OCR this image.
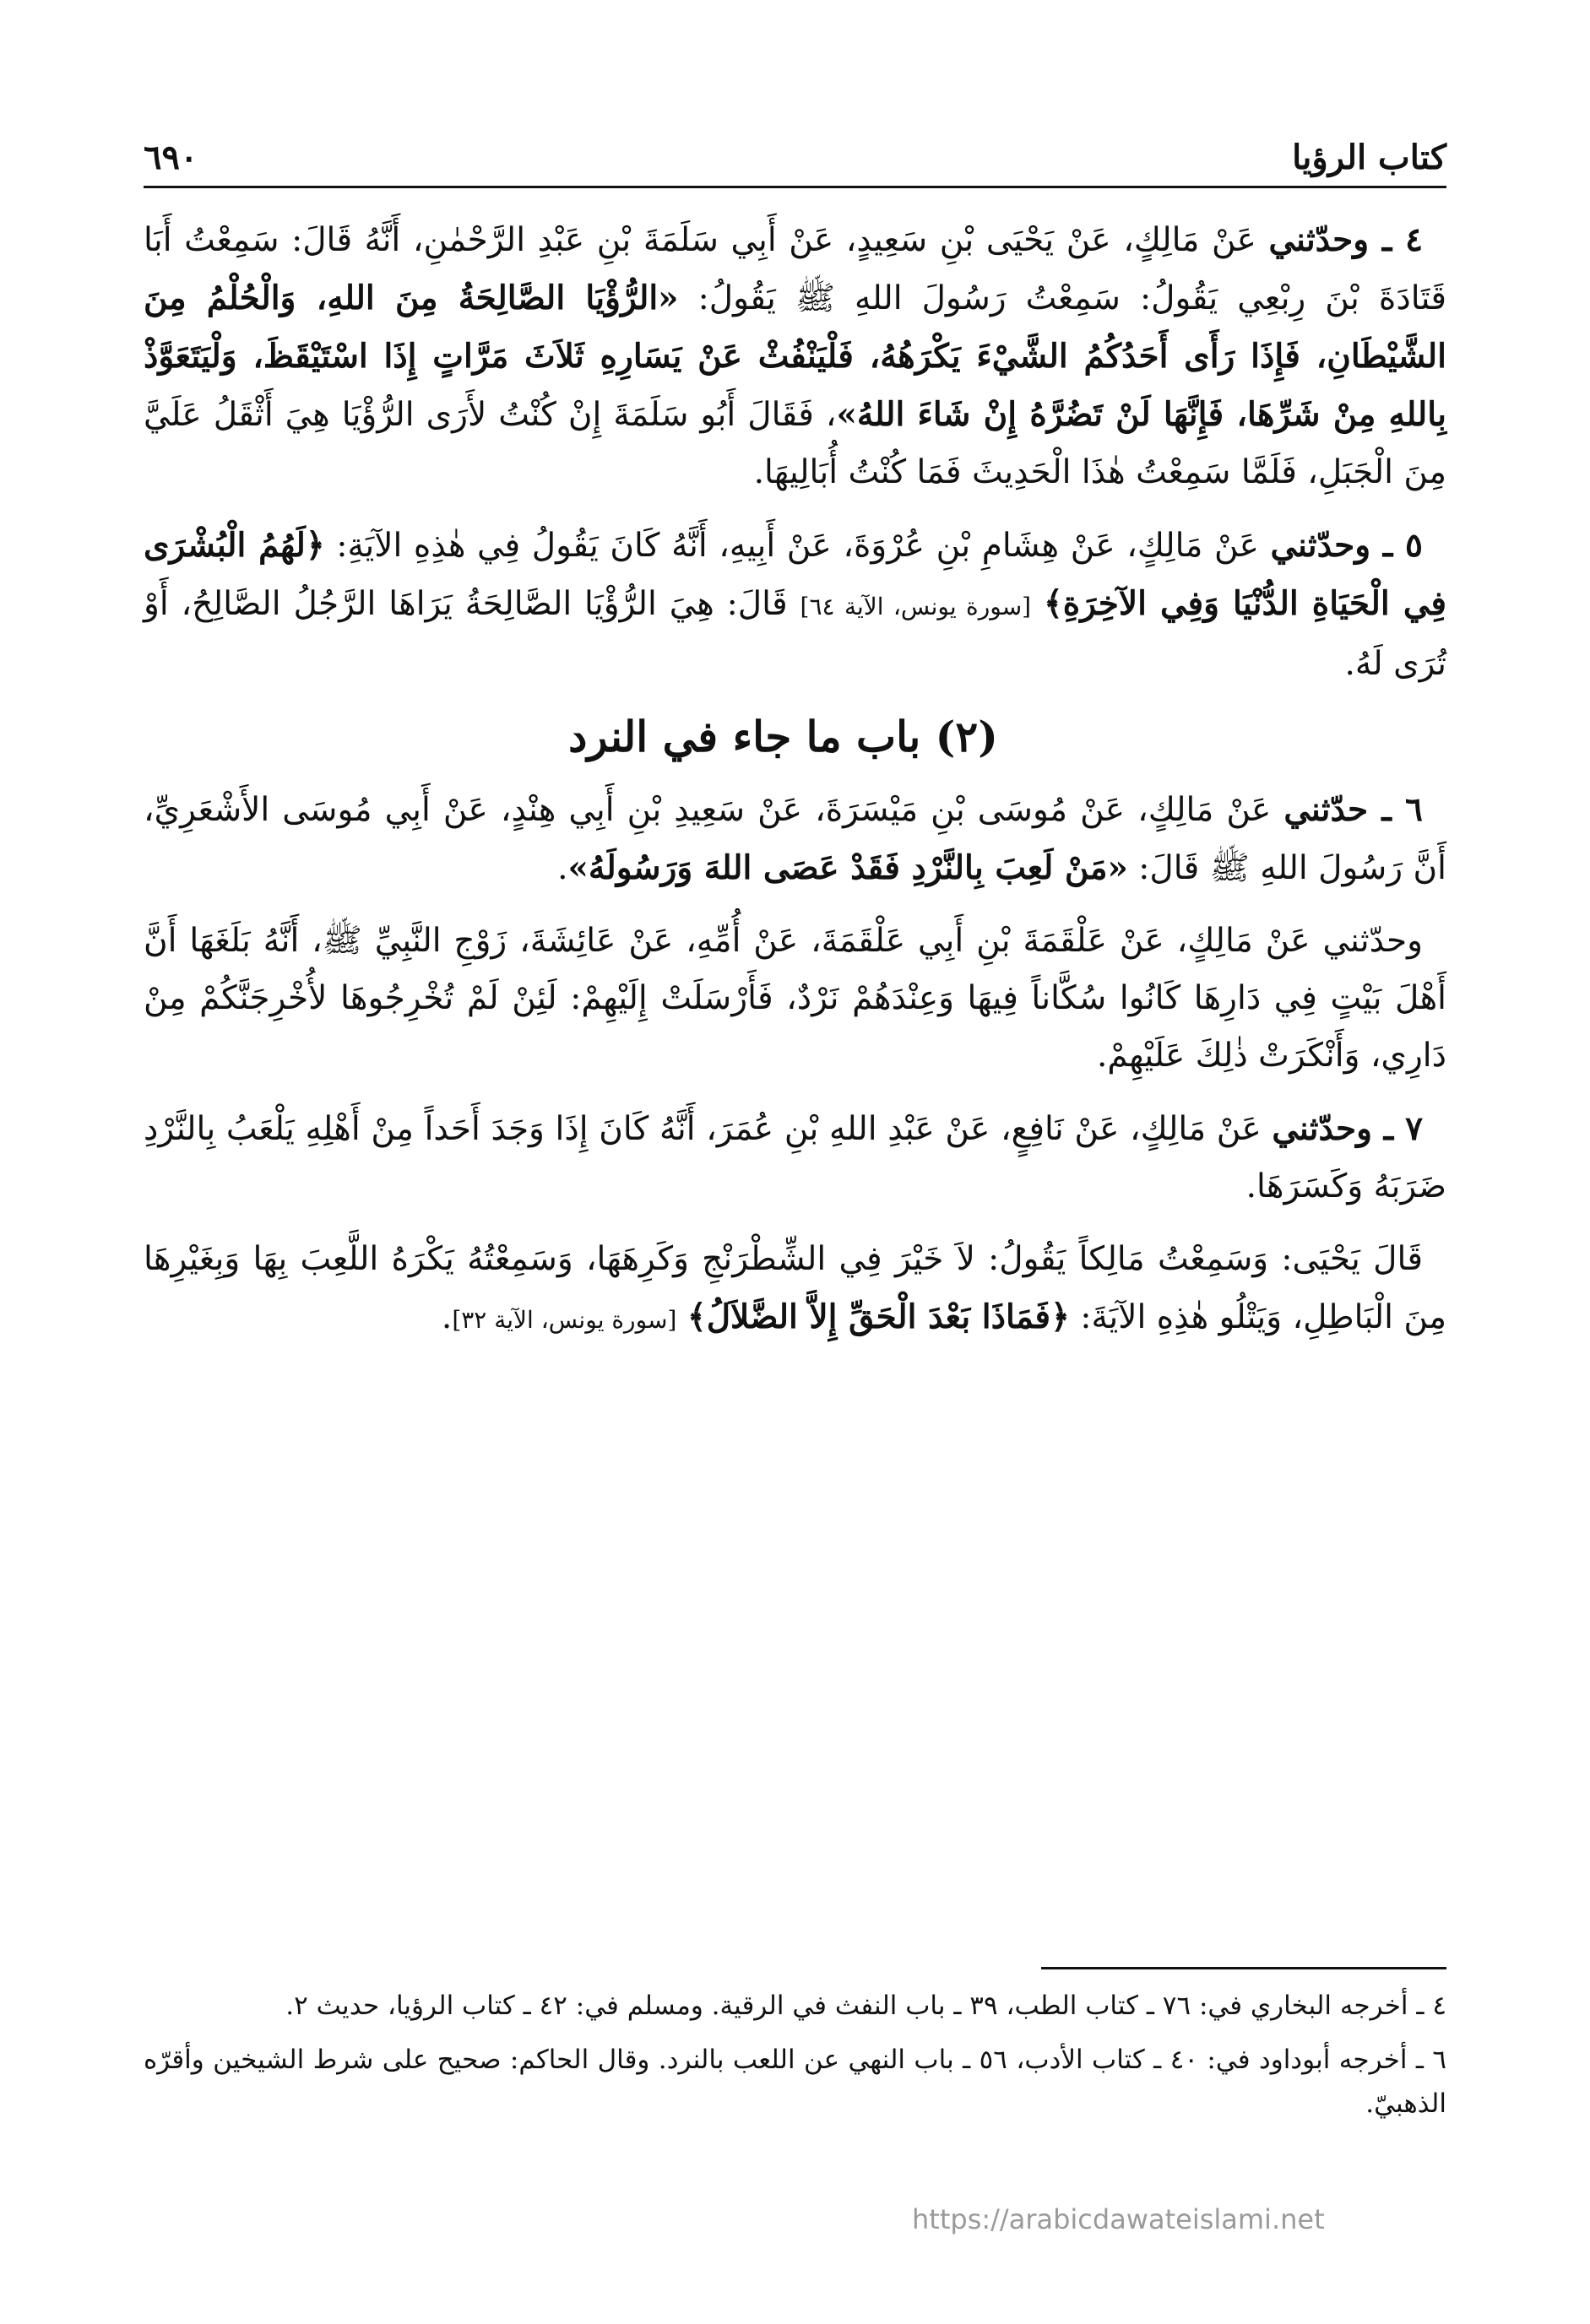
كتاب الرؤيا
٦٩٠

٤ ـ وحدّثني عَنْ مَالِكٍ، عَنْ يَحْيَى بْنِ سَعِيدٍ، عَنْ أَبِي سَلَمَةَ بْنِ عَبْدِ الرَّحْمٰنِ، أَنَّهُ قَالَ: سَمِعْتُ أَبَا قَتَادَةَ بْنَ رِبْعِي يَقُولُ: سَمِعْتُ رَسُولَ اللهِ ﷺ يَقُولُ: «الرُّؤْيَا الصَّالِحَةُ مِنَ اللهِ، وَالْحُلْمُ مِنَ الشَّيْطَانِ، فَإِذَا رَأَى أَحَدُكُمُ الشَّيْءَ يَكْرَهُهُ، فَلْيَنْفُثْ عَنْ يَسَارِهِ ثَلاَثَ مَرَّاتٍ إِذَا اسْتَيْقَظَ، وَلْيَتَعَوَّذْ بِاللهِ مِنْ شَرِّهَا، فَإِنَّهَا لَنْ تَضُرَّهُ إِنْ شَاءَ اللهُ»، فَقَالَ أَبُو سَلَمَةَ إِنْ كُنْتُ لأَرَى الرُّؤْيَا هِيَ أَثْقَلُ عَلَيَّ مِنَ الْجَبَلِ، فَلَمَّا سَمِعْتُ هٰذَا الْحَدِيثَ فَمَا كُنْتُ أُبَالِيهَا.

٥ ـ وحدّثني عَنْ مَالِكٍ، عَنْ هِشَامِ بْنِ عُرْوَةَ، عَنْ أَبِيهِ، أَنَّهُ كَانَ يَقُولُ فِي هٰذِهِ الآيَةِ: ﴿لَهُمُ الْبُشْرَى فِي الْحَيَاةِ الدُّنْيَا وَفِي الآخِرَةِ﴾ [سورة يونس، الآية ٦٤] قَالَ: هِيَ الرُّؤْيَا الصَّالِحَةُ يَرَاهَا الرَّجُلُ الصَّالِحُ، أَوْ تُرَى لَهُ.

(٢) باب ما جاء في النرد

٦ ـ حدّثني عَنْ مَالِكٍ، عَنْ مُوسَى بْنِ مَيْسَرَةَ، عَنْ سَعِيدِ بْنِ أَبِي هِنْدٍ، عَنْ أَبِي مُوسَى الأَشْعَرِيِّ، أَنَّ رَسُولَ اللهِ ﷺ قَالَ: «مَنْ لَعِبَ بِالنَّرْدِ فَقَدْ عَصَى اللهَ وَرَسُولَهُ».

وحدّثني عَنْ مَالِكٍ، عَنْ عَلْقَمَةَ بْنِ أَبِي عَلْقَمَةَ، عَنْ أُمِّهِ، عَنْ عَائِشَةَ، زَوْجِ النَّبِيِّ ﷺ، أَنَّهُ بَلَغَهَا أَنَّ أَهْلَ بَيْتٍ فِي دَارِهَا كَانُوا سُكَّاناً فِيهَا وَعِنْدَهُمْ نَرْدٌ، فَأَرْسَلَتْ إِلَيْهِمْ: لَئِنْ لَمْ تُخْرِجُوهَا لأُخْرِجَنَّكُمْ مِنْ دَارِي، وَأَنْكَرَتْ ذٰلِكَ عَلَيْهِمْ.

٧ ـ وحدّثني عَنْ مَالِكٍ، عَنْ نَافِعٍ، عَنْ عَبْدِ اللهِ بْنِ عُمَرَ، أَنَّهُ كَانَ إِذَا وَجَدَ أَحَداً مِنْ أَهْلِهِ يَلْعَبُ بِالنَّرْدِ ضَرَبَهُ وَكَسَرَهَا.

قَالَ يَحْيَى: وَسَمِعْتُ مَالِكاً يَقُولُ: لاَ خَيْرَ فِي الشِّطْرَنْجِ وَكَرِهَهَا، وَسَمِعْتُهُ يَكْرَهُ اللَّعِبَ بِهَا وَبِغَيْرِهَا مِنَ الْبَاطِلِ، وَيَتْلُو هٰذِهِ الآيَةَ: ﴿فَمَاذَا بَعْدَ الْحَقِّ إِلاَّ الضَّلاَلُ﴾ [سورة يونس، الآية ٣٢].

٤ ـ أخرجه البخاري في: ٧٦ ـ كتاب الطب، ٣٩ ـ باب النفث في الرقية. ومسلم في: ٤٢ ـ كتاب الرؤيا، حديث ٢.

٦ ـ أخرجه أبوداود في: ٤٠ ـ كتاب الأدب، ٥٦ ـ باب النهي عن اللعب بالنرد. وقال الحاكم: صحيح على شرط الشيخين وأقرّه الذهبيّ.

https://arabicdawateislami.net
